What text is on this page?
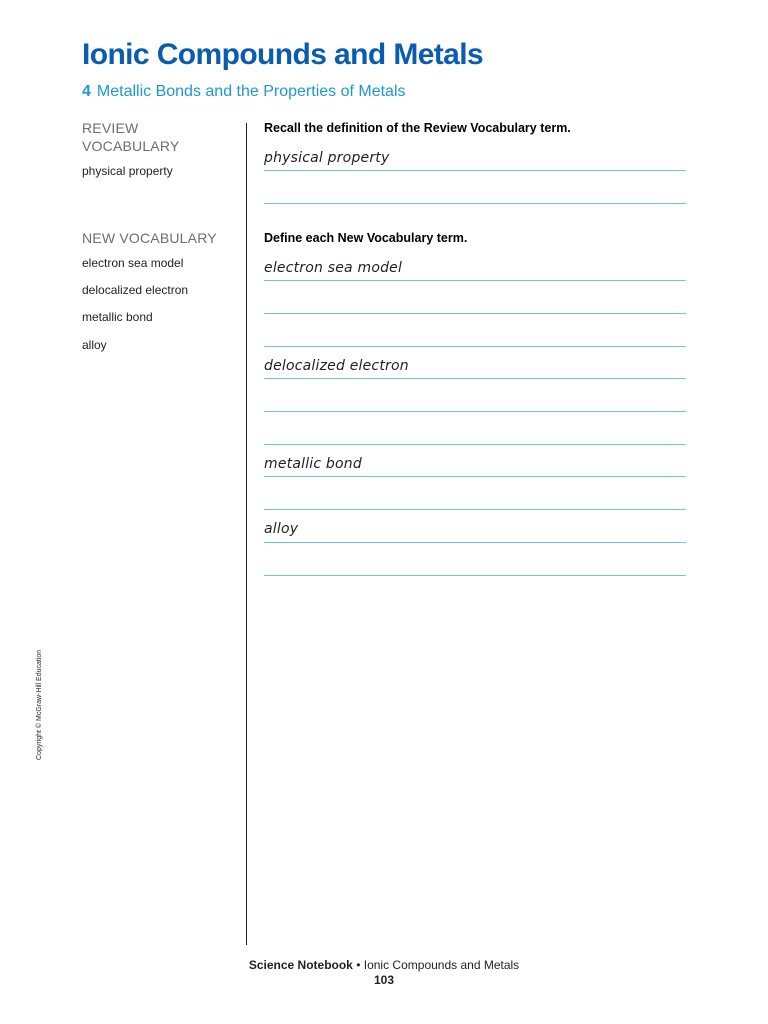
Ionic Compounds and Metals
4 Metallic Bonds and the Properties of Metals
REVIEW
VOCABULARY
physical property
NEW VOCABULARY
electron sea model
delocalized electron
metallic bond
alloy
Recall the definition of the Review Vocabulary term.
physical property
Define each New Vocabulary term.
electron sea model
delocalized electron
metallic bond
alloy
Copyright © McGraw-Hill Education
Science Notebook • Ionic Compounds and Metals
103
